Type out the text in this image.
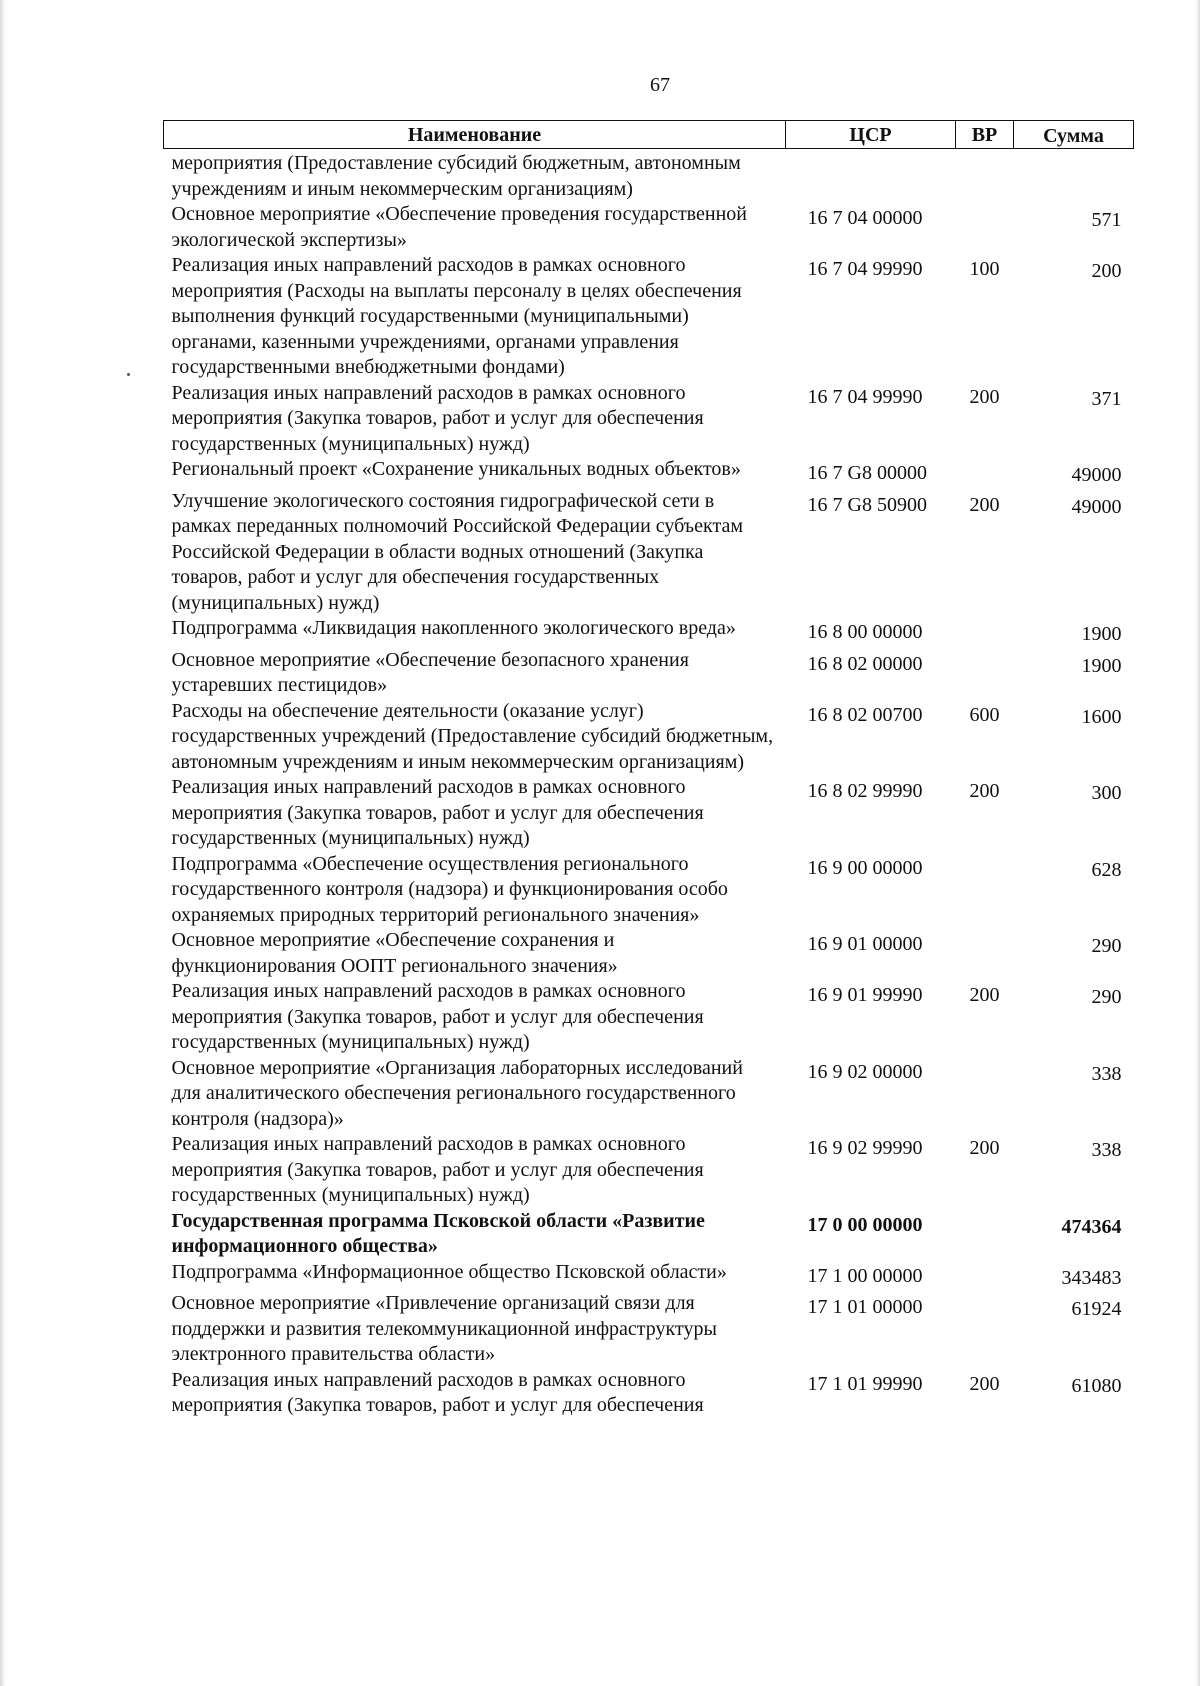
67
Наименование	ЦСР	ВР	Сумма
мероприятия (Предоставление субсидий бюджетным, автономным учреждениям и иным некоммерческим организациям)			
Основное мероприятие «Обеспечение проведения государственной экологической экспертизы»	16 7 04 00000		571
Реализация иных направлений расходов в рамках основного мероприятия (Расходы на выплаты персоналу в целях обеспечения выполнения функций государственными (муниципальными) органами, казенными учреждениями, органами управления государственными внебюджетными фондами)	16 7 04 99990	100	200
Реализация иных направлений расходов в рамках основного мероприятия (Закупка товаров, работ и услуг для обеспечения государственных (муниципальных) нужд)	16 7 04 99990	200	371
Региональный проект «Сохранение уникальных водных объектов»	16 7 G8 00000		49000
Улучшение экологического состояния гидрографической сети в рамках переданных полномочий Российской Федерации субъектам Российской Федерации в области водных отношений (Закупка товаров, работ и услуг для обеспечения государственных (муниципальных) нужд)	16 7 G8 50900	200	49000
Подпрограмма «Ликвидация накопленного экологического вреда»	16 8 00 00000		1900
Основное мероприятие «Обеспечение безопасного хранения устаревших пестицидов»	16 8 02 00000		1900
Расходы на обеспечение деятельности (оказание услуг) государственных учреждений (Предоставление субсидий бюджетным, автономным учреждениям и иным некоммерческим организациям)	16 8 02 00700	600	1600
Реализация иных направлений расходов в рамках основного мероприятия (Закупка товаров, работ и услуг для обеспечения государственных (муниципальных) нужд)	16 8 02 99990	200	300
Подпрограмма «Обеспечение осуществления регионального государственного контроля (надзора) и функционирования особо охраняемых природных территорий регионального значения»	16 9 00 00000		628
Основное мероприятие «Обеспечение сохранения и функционирования ООПТ регионального значения»	16 9 01 00000		290
Реализация иных направлений расходов в рамках основного мероприятия (Закупка товаров, работ и услуг для обеспечения государственных (муниципальных) нужд)	16 9 01 99990	200	290
Основное мероприятие «Организация лабораторных исследований для аналитического обеспечения регионального государственного контроля (надзора)»	16 9 02 00000		338
Реализация иных направлений расходов в рамках основного мероприятия (Закупка товаров, работ и услуг для обеспечения государственных (муниципальных) нужд)	16 9 02 99990	200	338
Государственная программа Псковской области «Развитие информационного общества»	17 0 00 00000		474364
Подпрограмма «Информационное общество Псковской области»	17 1 00 00000		343483
Основное мероприятие «Привлечение организаций связи для поддержки и развития телекоммуникационной инфраструктуры электронного правительства области»	17 1 01 00000		61924
Реализация иных направлений расходов в рамках основного мероприятия (Закупка товаров, работ и услуг для обеспечения	17 1 01 99990	200	61080
